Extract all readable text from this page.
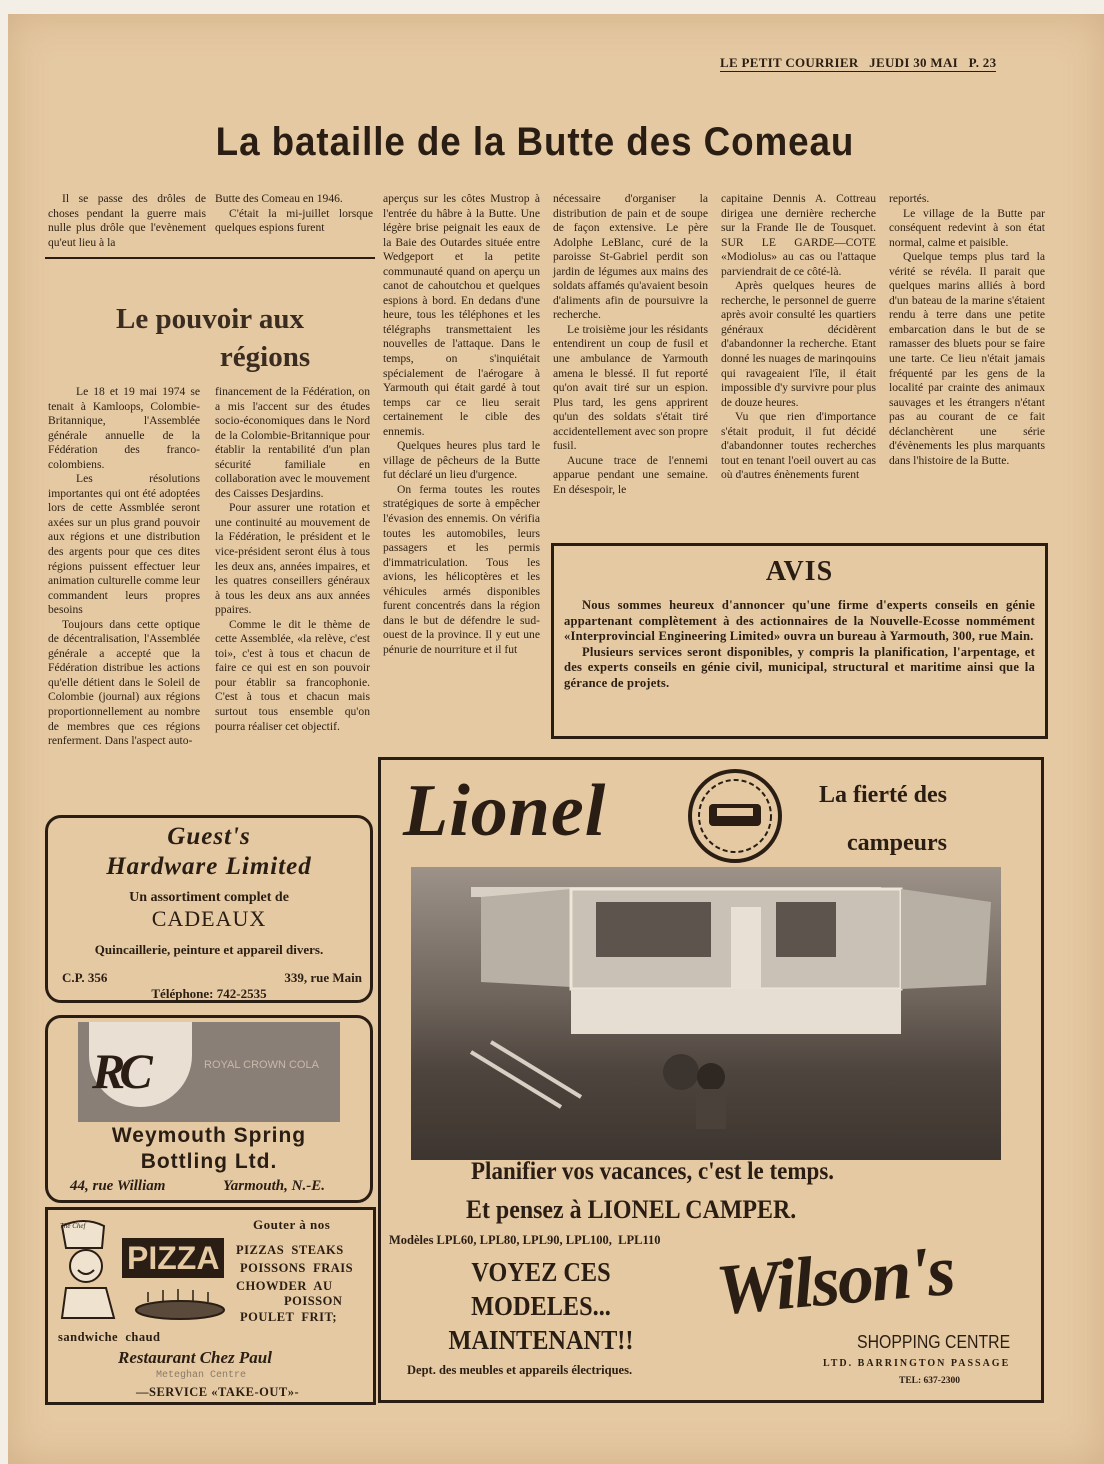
LE PETIT COURRIER JEUDI 30 MAI P. 23
La bataille de la Butte des Comeau

Il se passe des drôles de choses pendant la guerre mais nulle plus drôle que l'evènement qu'eut lieu à la

Butte des Comeau en 1946.

C'était la mi-juillet lorsque quelques espions furent

Le pouvoir aux
régions

Le 18 et 19 mai 1974 se tenait à Kamloops, Colombie-Britannique, l'Assemblée générale annuelle de la Fédération des franco-colombiens.

Les résolutions importantes qui ont été adoptées lors de cette Assmblée seront axées sur un plus grand pouvoir aux régions et une distribution des argents pour que ces dites régions puissent effectuer leur animation culturelle comme leur commandent leurs propres besoins

Toujours dans cette optique de décentralisation, l'Assemblée générale a accepté que la Fédération distribue les actions qu'elle détient dans le Soleil de Colombie (journal) aux régions proportionnellement au nombre de membres que ces régions renferment. Dans l'aspect auto-

financement de la Fédération, on a mis l'accent sur des études socio-économiques dans le Nord de la Colombie-Britannique pour établir la rentabilité d'un plan sécurité familiale en collaboration avec le mouvement des Caisses Desjardins.

Pour assurer une rotation et une continuité au mouvement de la Fédération, le président et le vice-président seront élus à tous les deux ans, années impaires, et les quatres conseillers généraux à tous les deux ans aux années ppaires.

Comme le dit le thème de cette Assemblée, «la relève, c'est toi», c'est à tous et chacun de faire ce qui est en son pouvoir pour établir sa francophonie. C'est à tous et chacun mais surtout tous ensemble qu'on pourra réaliser cet objectif.

aperçus sur les côtes Mustrop à l'entrée du hâbre à la Butte. Une légère brise peignait les eaux de la Baie des Outardes située entre Wedgeport et la petite communauté quand on aperçu un canot de cahoutchou et quelques espions à bord. En dedans d'une heure, tous les téléphones et les télégraphs transmettaient les nouvelles de l'attaque. Dans le temps, on s'inquiétait spécialement de l'aérogare à Yarmouth qui était gardé à tout temps car ce lieu serait certainement le cible des ennemis.

Quelques heures plus tard le village de pêcheurs de la Butte fut déclaré un lieu d'urgence.

On ferma toutes les routes stratégiques de sorte à empêcher l'évasion des ennemis. On vérifia toutes les automobiles, leurs passagers et les permis d'immatriculation. Tous les avions, les hélicoptères et les véhicules armés disponibles furent concentrés dans la région dans le but de défendre le sud-ouest de la province. Il y eut une pénurie de nourriture et il fut

nécessaire d'organiser la distribution de pain et de soupe de façon extensive. Le père Adolphe LeBlanc, curé de la paroisse St-Gabriel perdit son jardin de légumes aux mains des soldats affamés qu'avaient besoin d'aliments afin de poursuivre la recherche.

Le troisième jour les résidants entendirent un coup de fusil et une ambulance de Yarmouth amena le blessé. Il fut reporté qu'on avait tiré sur un espion. Plus tard, les gens apprirent qu'un des soldats s'était tiré accidentellement avec son propre fusil.

Aucune trace de l'ennemi apparue pendant une semaine. En désespoir, le

capitaine Dennis A. Cottreau dirigea une dernière recherche sur la Frande Ile de Tousquet. SUR LE GARDE—COTE «Modiolus» au cas ou l'attaque parviendrait de ce côté-là.

Après quelques heures de recherche, le personnel de guerre après avoir consulté les quartiers généraux décidèrent d'abandonner la recherche. Etant donné les nuages de marinqouins qui ravageaient l'île, il était impossible d'y survivre pour plus de douze heures.

Vu que rien d'importance s'était produit, il fut décidé d'abandonner toutes recherches tout en tenant l'oeil ouvert au cas où d'autres énènements furent

reportés.

Le village de la Butte par conséquent redevint à son état normal, calme et paisible.

Quelque temps plus tard la vérité se révéla. Il parait que quelques marins alliés à bord d'un bateau de la marine s'étaient rendu à terre dans une petite embarcation dans le but de se ramasser des bluets pour se faire une tarte. Ce lieu n'était jamais fréquenté par les gens de la localité par crainte des animaux sauvages et les étrangers n'étant pas au courant de ce fait déclanchèrent une série d'évènements les plus marquants dans l'histoire de la Butte.

AVIS

Nous sommes heureux d'annoncer qu'une firme d'experts conseils en génie appartenant complètement à des actionnaires de la Nouvelle-Ecosse nommément «Interprovincial Engineering Limited» ouvra un bureau à Yarmouth, 300, rue Main.

Plusieurs services seront disponibles, y compris la planification, l'arpentage, et des experts conseils en génie civil, municipal, structural et maritime ainsi que la gérance de projets.

Guest's
Hardware Limited
Un assortiment complet de
CADEAUX
Quincaillerie, peinture et appareil divers.
C.P. 356	339, rue Main
Téléphone: 742-2535
RC	ROYAL CROWN COLA
Weymouth Spring
Bottling Ltd.
44, rue William	Yarmouth, N.-E.
The Chef
PIZZA
Gouter à nos
PIZZAS  STEAKS
POISSONS  FRAIS
CHOWDER  AU
POISSON
POULET  FRIT;
sandwiche  chaud
Restaurant Chez Paul
Meteghan Centre
—SERVICE «TAKE-OUT»-
Lionel	La fierté des
campeurs
Planifier vos vacances, c'est le temps.
Et pensez à LIONEL CAMPER.
Modèles LPL60, LPL80, LPL90, LPL100,  LPL110
VOYEZ CES
MODELES...
MAINTENANT!!
Dept. des meubles et appareils électriques.
Wilson's
SHOPPING CENTRE
LTD. BARRINGTON PASSAGE
TEL: 637-2300
